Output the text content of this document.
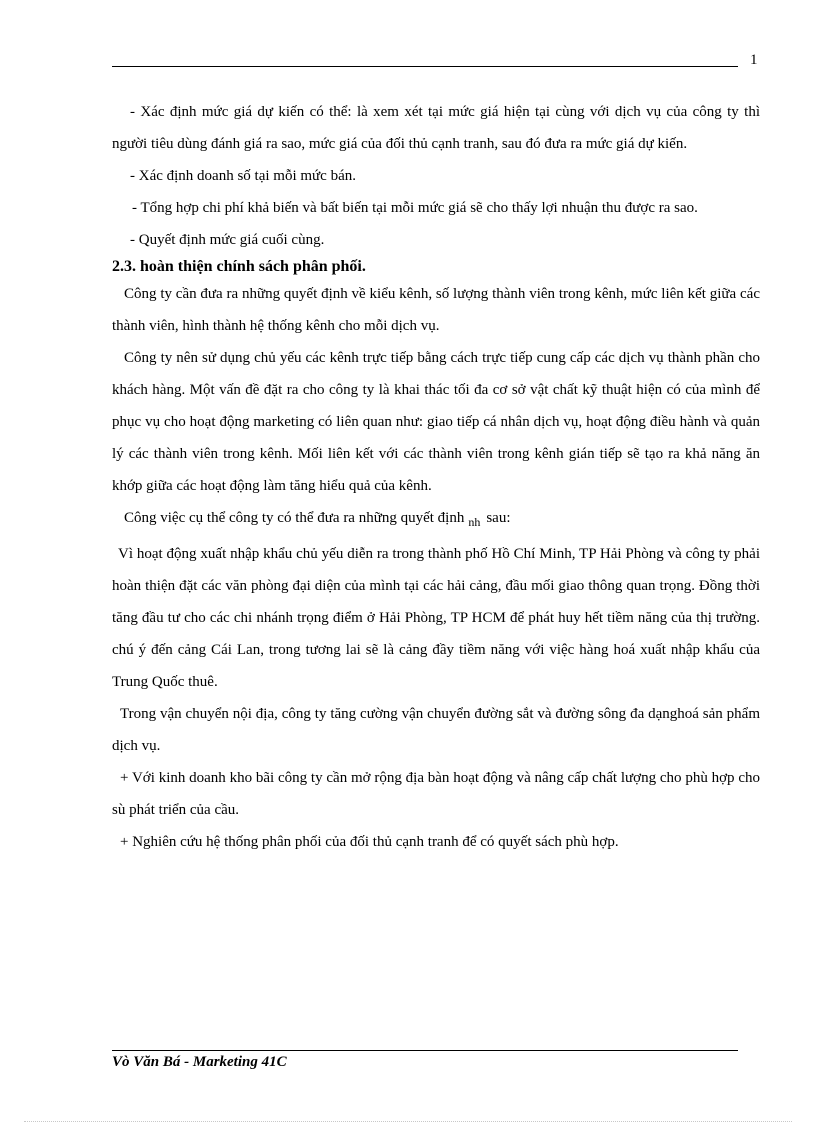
1

- Xác định mức giá dự kiến có thể: là xem xét tại mức giá hiện tại cùng với dịch vụ của công ty thì người tiêu dùng đánh giá ra sao, mức giá của đối thủ cạnh tranh, sau đó đưa ra mức giá dự kiến.

- Xác định doanh số tại mỗi mức bán.

- Tổng hợp chi phí khả biến và bất biến tại mỗi mức giá sẽ cho thấy lợi nhuận thu được ra sao.

- Quyết định mức giá cuối cùng.

2.3. hoàn thiện chính sách phân phối.

Công ty cần đưa ra những quyết định về kiểu kênh, số lượng thành viên trong kênh, mức liên kết giữa các thành viên, hình thành hệ thống kênh cho mỗi dịch vụ.

Công ty nên sử dụng chủ yếu các kênh trực tiếp bằng cách trực tiếp cung cấp các dịch vụ thành phần cho khách hàng. Một vấn đề đặt ra cho công ty là khai thác tối đa cơ sở vật chất kỹ thuật hiện có của mình để phục vụ cho hoạt động marketing có liên quan như: giao tiếp cá nhân dịch vụ, hoạt động điều hành và quản lý các thành viên trong kênh. Mối liên kết với các thành viên trong kênh gián tiếp sẽ tạo ra khả năng ăn khớp giữa các hoạt động làm tăng hiểu quả của kênh.

Công việc cụ thể công ty có thể đưa ra những quyết định $_{nh}$ sau:

Vì hoạt động xuất nhập khẩu chủ yếu diễn ra trong thành phố Hồ Chí Minh, TP Hải Phòng và công ty phải hoàn thiện đặt các văn phòng đại diện của mình tại các hải cảng, đầu mối giao thông quan trọng. Đồng thời tăng đầu tư cho các chi nhánh trọng điểm ở Hải Phòng, TP HCM để phát huy hết tiềm năng của thị trường. chú ý đến cảng Cái Lan, trong tương lai sẽ là cảng đầy tiềm năng với việc hàng hoá xuất nhập khẩu của Trung Quốc thuê.

Trong vận chuyển nội địa, công ty tăng cường vận chuyển đường sắt và đường sông đa dạnghoá sản phẩm dịch vụ.

+ Với kinh doanh kho bãi công ty cần mở rộng địa bàn hoạt động và nâng cấp chất lượng cho phù hợp cho sù phát triển của cầu.

+ Nghiên cứu hệ thống phân phối của đối thủ cạnh tranh để có quyết sách phù hợp.

Vò Văn Bá - Marketing 41C
